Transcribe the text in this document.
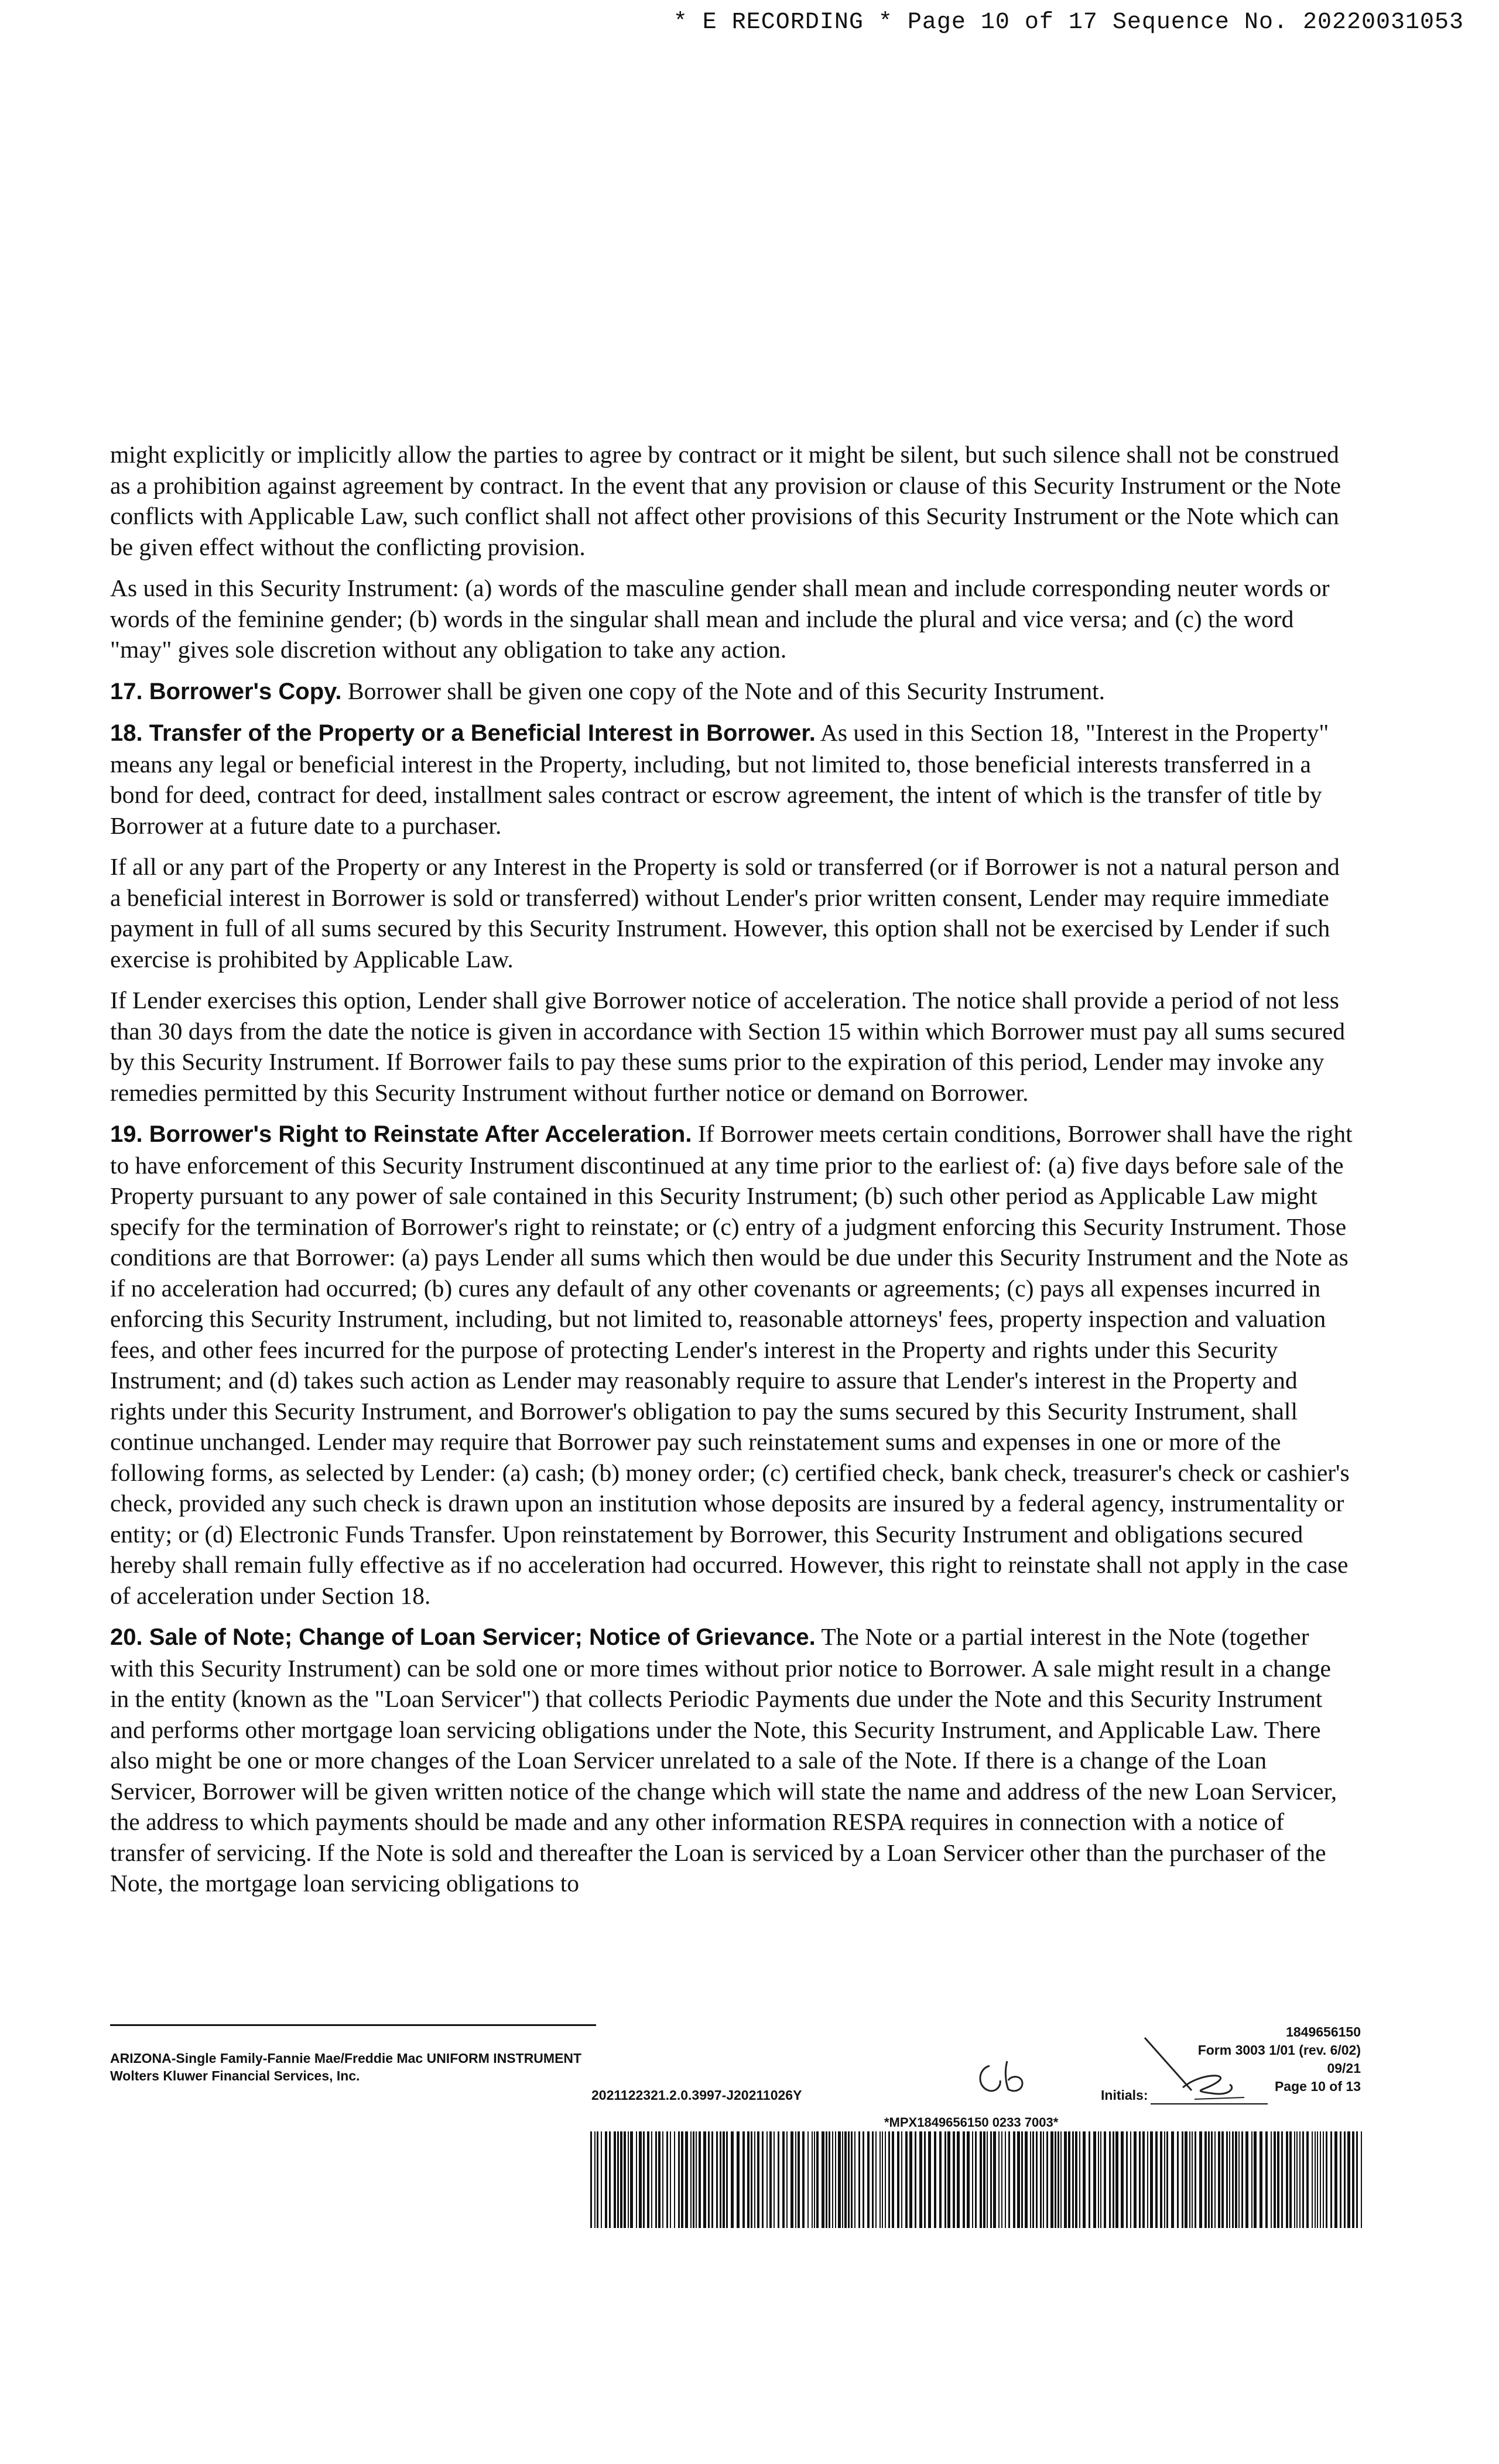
* E RECORDING * Page 10 of 17 Sequence No. 20220031053

might explicitly or implicitly allow the parties to agree by contract or it might be silent, but such silence shall not be construed as a prohibition against agreement by contract. In the event that any provision or clause of this Security Instrument or the Note conflicts with Applicable Law, such conflict shall not affect other provisions of this Security Instrument or the Note which can be given effect without the conflicting provision.

As used in this Security Instrument: (a) words of the masculine gender shall mean and include corresponding neuter words or words of the feminine gender; (b) words in the singular shall mean and include the plural and vice versa; and (c) the word "may" gives sole discretion without any obligation to take any action.

17. Borrower's Copy. Borrower shall be given one copy of the Note and of this Security Instrument.

18. Transfer of the Property or a Beneficial Interest in Borrower. As used in this Section 18, "Interest in the Property" means any legal or beneficial interest in the Property, including, but not limited to, those beneficial interests transferred in a bond for deed, contract for deed, installment sales contract or escrow agreement, the intent of which is the transfer of title by Borrower at a future date to a purchaser.

If all or any part of the Property or any Interest in the Property is sold or transferred (or if Borrower is not a natural person and a beneficial interest in Borrower is sold or transferred) without Lender's prior written consent, Lender may require immediate payment in full of all sums secured by this Security Instrument. However, this option shall not be exercised by Lender if such exercise is prohibited by Applicable Law.

If Lender exercises this option, Lender shall give Borrower notice of acceleration. The notice shall provide a period of not less than 30 days from the date the notice is given in accordance with Section 15 within which Borrower must pay all sums secured by this Security Instrument. If Borrower fails to pay these sums prior to the expiration of this period, Lender may invoke any remedies permitted by this Security Instrument without further notice or demand on Borrower.

19. Borrower's Right to Reinstate After Acceleration. If Borrower meets certain conditions, Borrower shall have the right to have enforcement of this Security Instrument discontinued at any time prior to the earliest of: (a) five days before sale of the Property pursuant to any power of sale contained in this Security Instrument; (b) such other period as Applicable Law might specify for the termination of Borrower's right to reinstate; or (c) entry of a judgment enforcing this Security Instrument. Those conditions are that Borrower: (a) pays Lender all sums which then would be due under this Security Instrument and the Note as if no acceleration had occurred; (b) cures any default of any other covenants or agreements; (c) pays all expenses incurred in enforcing this Security Instrument, including, but not limited to, reasonable attorneys' fees, property inspection and valuation fees, and other fees incurred for the purpose of protecting Lender's interest in the Property and rights under this Security Instrument; and (d) takes such action as Lender may reasonably require to assure that Lender's interest in the Property and rights under this Security Instrument, and Borrower's obligation to pay the sums secured by this Security Instrument, shall continue unchanged. Lender may require that Borrower pay such reinstatement sums and expenses in one or more of the following forms, as selected by Lender: (a) cash; (b) money order; (c) certified check, bank check, treasurer's check or cashier's check, provided any such check is drawn upon an institution whose deposits are insured by a federal agency, instrumentality or entity; or (d) Electronic Funds Transfer. Upon reinstatement by Borrower, this Security Instrument and obligations secured hereby shall remain fully effective as if no acceleration had occurred. However, this right to reinstate shall not apply in the case of acceleration under Section 18.

20. Sale of Note; Change of Loan Servicer; Notice of Grievance. The Note or a partial interest in the Note (together with this Security Instrument) can be sold one or more times without prior notice to Borrower. A sale might result in a change in the entity (known as the "Loan Servicer") that collects Periodic Payments due under the Note and this Security Instrument and performs other mortgage loan servicing obligations under the Note, this Security Instrument, and Applicable Law. There also might be one or more changes of the Loan Servicer unrelated to a sale of the Note. If there is a change of the Loan Servicer, Borrower will be given written notice of the change which will state the name and address of the new Loan Servicer, the address to which payments should be made and any other information RESPA requires in connection with a notice of transfer of servicing. If the Note is sold and thereafter the Loan is serviced by a Loan Servicer other than the purchaser of the Note, the mortgage loan servicing obligations to

ARIZONA-Single Family-Fannie Mae/Freddie Mac UNIFORM INSTRUMENT
Wolters Kluwer Financial Services, Inc.
2021122321.2.0.3997-J20211026Y	Initials:
1849656150
Form 3003 1/01 (rev. 6/02)
09/21
Page 10 of 13
*MPX1849656150 0233 7003*
